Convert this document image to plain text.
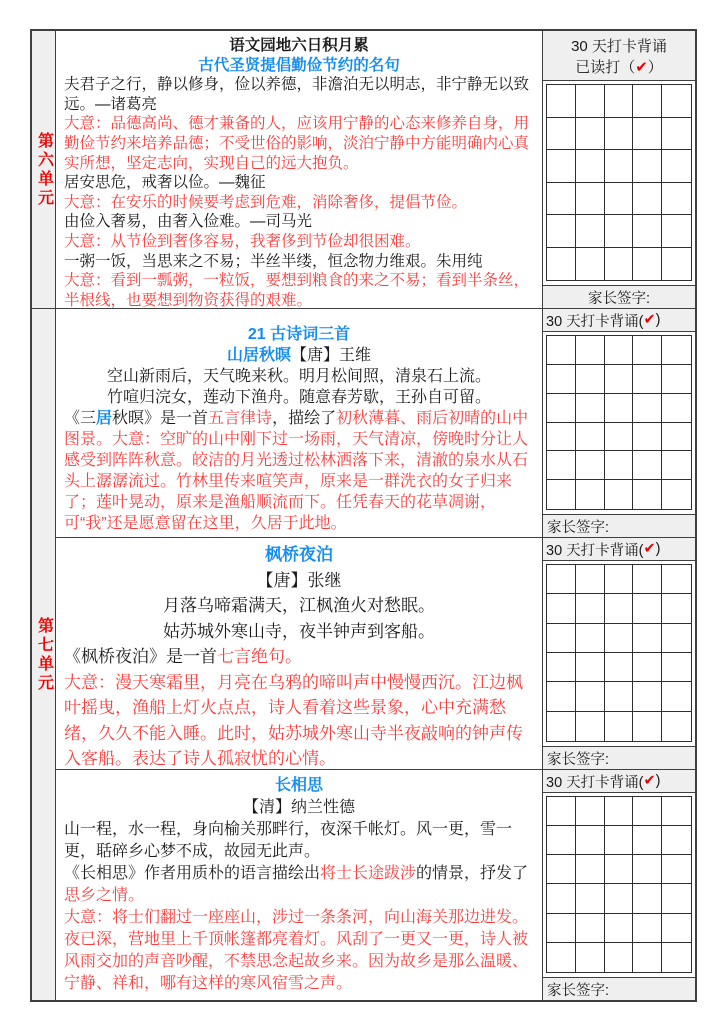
第六单元
第七单元
语文园地六日积月累
古代圣贤提倡勤俭节约的名句
夫君子之行，静以修身，俭以养德，非澹泊无以明志，非宁静无以致远。—诸葛亮
大意：品德高尚、德才兼备的人，应该用宁静的心态来修养自身，用勤俭节约来培养品德；不受世俗的影响，淡泊宁静中方能明确内心真实所想，坚定志向，实现自己的远大抱负。
居安思危，戒奢以俭。—魏征
大意：在安乐的时候要考虑到危难，消除奢侈，提倡节俭。
由俭入奢易，由奢入俭难。—司马光
大意：从节俭到奢侈容易，我奢侈到节俭却很困难。
一粥一饭，当思来之不易；半丝半缕，恒念物力维艰。朱用纯
大意：看到一瓢粥，一粒饭，要想到粮食的来之不易；看到半条丝，半根线，也要想到物资获得的艰难。
21 古诗词三首
山居秋暝【唐】王维
空山新雨后，天气晚来秋。明月松间照，清泉石上流。
竹喧归浣女，莲动下渔舟。随意春芳歇，王孙自可留。
《三居秋暝》是一首五言律诗，描绘了初秋薄暮、雨后初晴的山中图景。大意：空旷的山中刚下过一场雨，天气清凉，傍晚时分让人感受到阵阵秋意。皎洁的月光透过松林洒落下来，清澈的泉水从石头上潺潺流过。竹林里传来喧笑声，原来是一群洗衣的女子归来了；莲叶晃动，原来是渔船顺流而下。任凭春天的花草凋谢，可“我”还是愿意留在这里，久居于此地。
枫桥夜泊
【唐】张继
月落乌啼霜满天，江枫渔火对愁眠。
姑苏城外寒山寺，夜半钟声到客船。
《枫桥夜泊》是一首七言绝句。
大意：漫天寒霜里，月亮在乌鸦的啼叫声中慢慢西沉。江边枫叶摇曳，渔船上灯火点点，诗人看着这些景象，心中充满愁绪，久久不能入睡。此时，姑苏城外寒山寺半夜敲响的钟声传入客船。表达了诗人孤寂忧的心情。
长相思
【清】纳兰性德
山一程，水一程，身向榆关那畔行，夜深千帐灯。风一更，雪一更，聒碎乡心梦不成，故园无此声。
《长相思》作者用质朴的语言描绘出将士长途跋涉的情景，抒发了思乡之情。
大意：将士们翻过一座座山，涉过一条条河，向山海关那边进发。夜已深，营地里上千顶帐篷都亮着灯。风刮了一更又一更，诗人被风雨交加的声音吵醒，不禁思念起故乡来。因为故乡是那么温暖、宁静、祥和，哪有这样的寒风宿雪之声。
30 天打卡背诵
已读打（✔）
家长签字:
30 天打卡背诵( ✔ )
家长签字:
30 天打卡背诵( ✔ )
家长签字:
30 天打卡背诵( ✔ )
家长签字:
